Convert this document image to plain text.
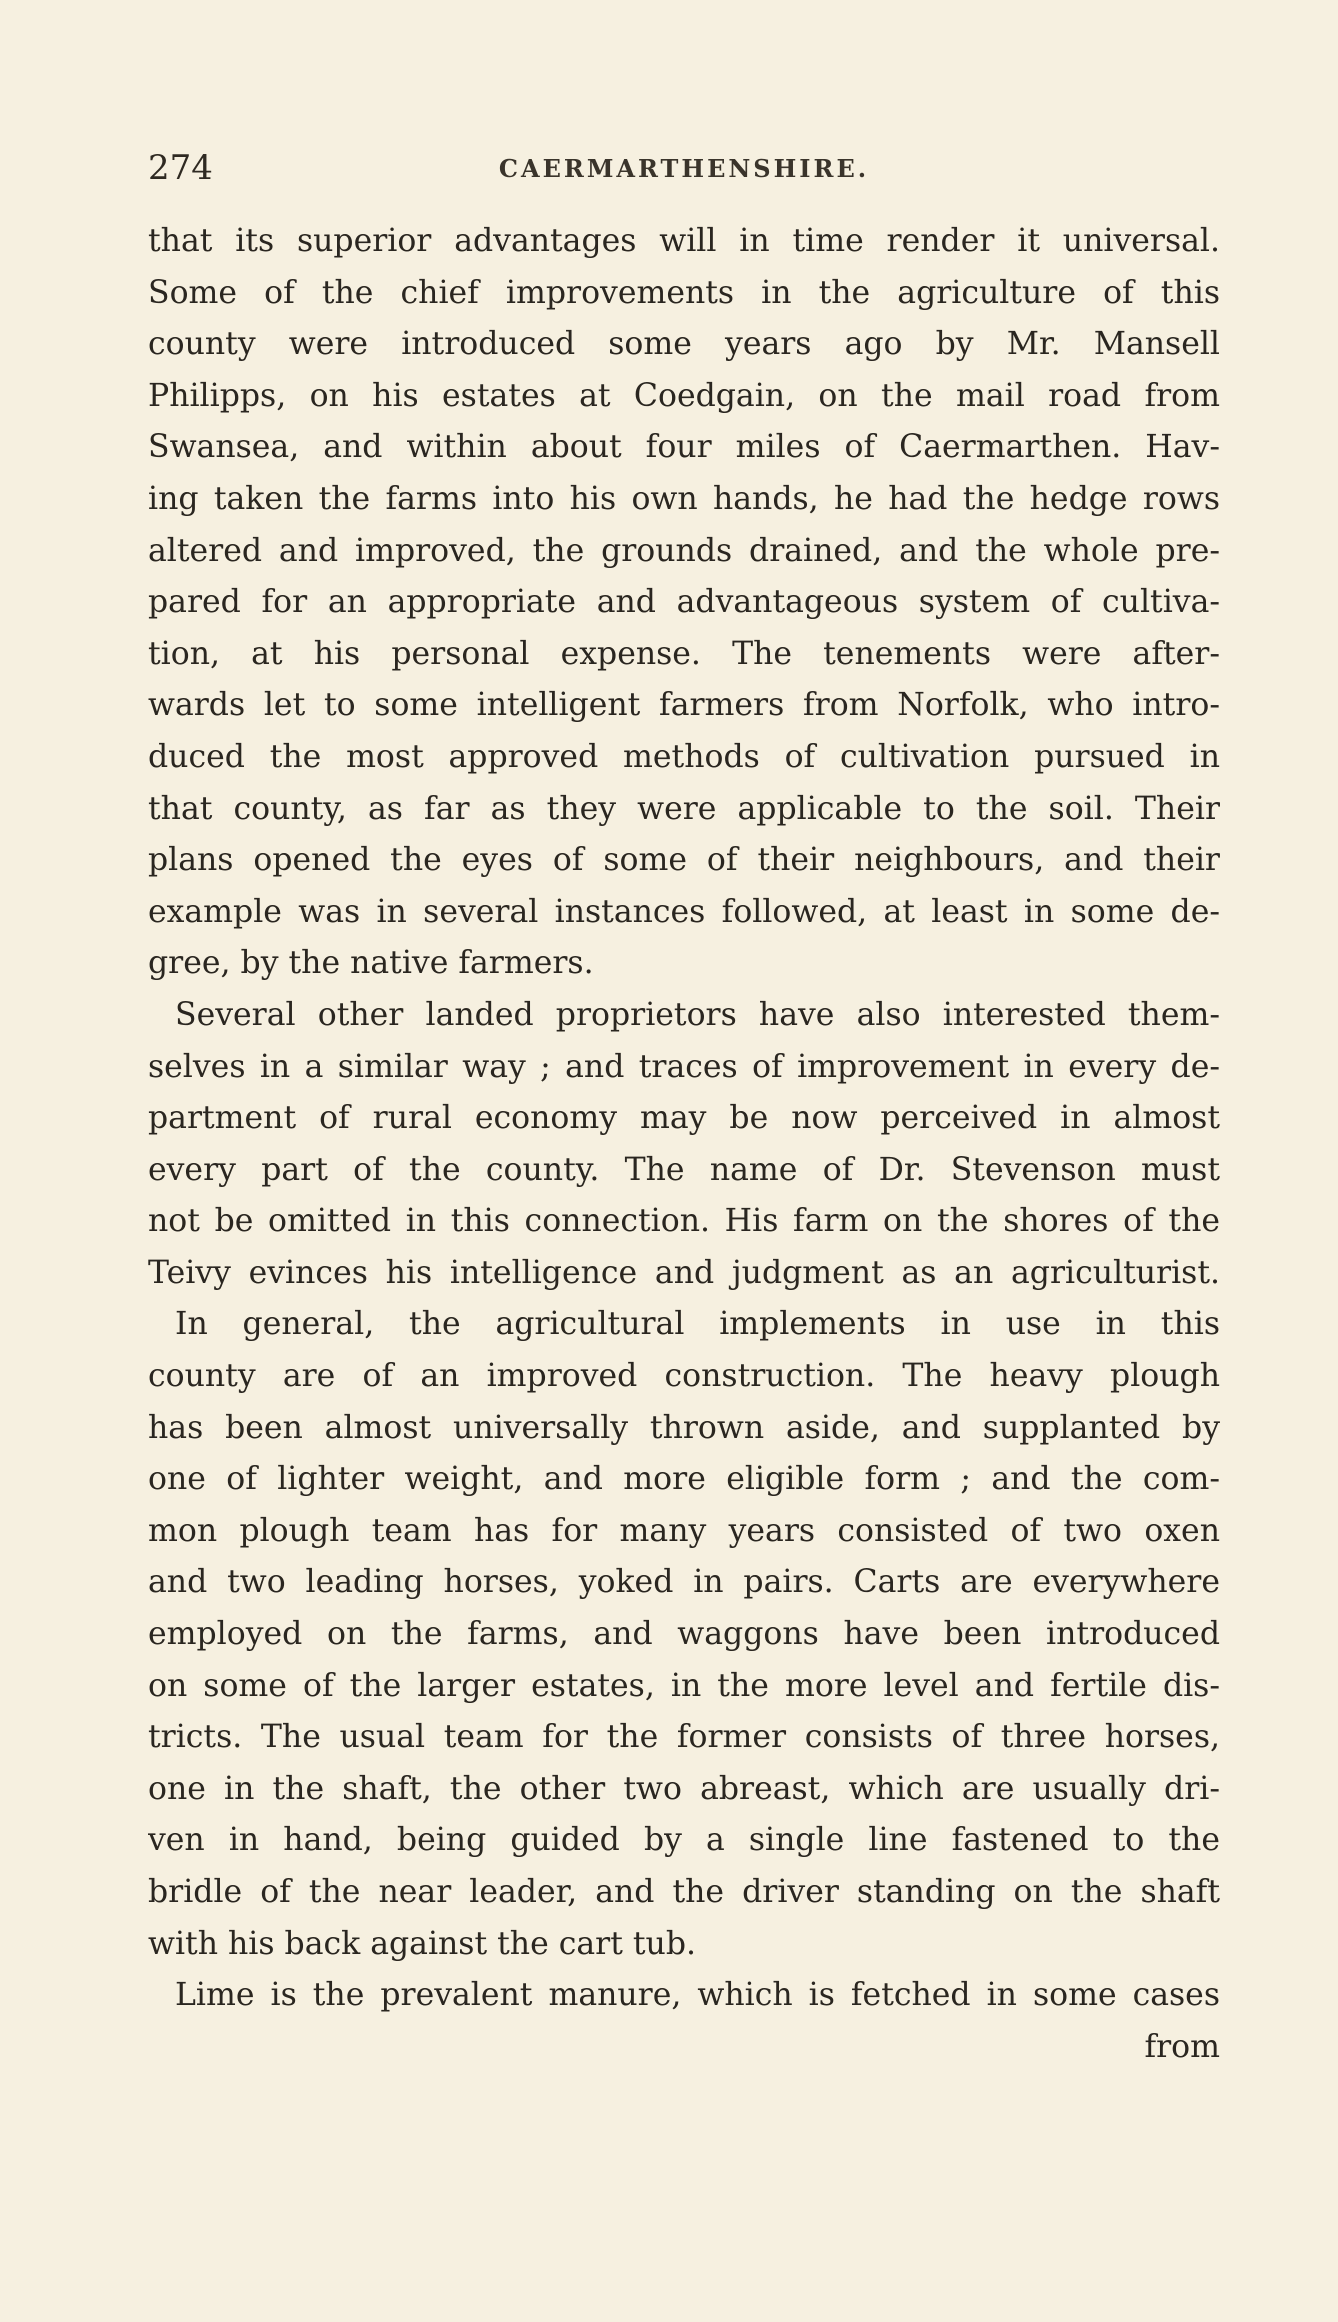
274	CAERMARTHENSHIRE.
that its superior advantages will in time render it universal.
Some of the chief improvements in the agriculture of this
county were introduced some years ago by Mr. Mansell
Philipps, on his estates at Coedgain, on the mail road from
Swansea, and within about four miles of Caermarthen. Hav-
ing taken the farms into his own hands, he had the hedge rows
altered and improved, the grounds drained, and the whole pre-
pared for an appropriate and advantageous system of cultiva-
tion, at his personal expense. The tenements were after-
wards let to some intelligent farmers from Norfolk, who intro-
duced the most approved methods of cultivation pursued in
that county, as far as they were applicable to the soil. Their
plans opened the eyes of some of their neighbours, and their
example was in several instances followed, at least in some de-
gree, by the native farmers.
Several other landed proprietors have also interested them-
selves in a similar way ; and traces of improvement in every de-
partment of rural economy may be now perceived in almost
every part of the county. The name of Dr. Stevenson must
not be omitted in this connection. His farm on the shores of the
Teivy evinces his intelligence and judgment as an agriculturist.
In general, the agricultural implements in use in this
county are of an improved construction. The heavy plough
has been almost universally thrown aside, and supplanted by
one of lighter weight, and more eligible form ; and the com-
mon plough team has for many years consisted of two oxen
and two leading horses, yoked in pairs. Carts are everywhere
employed on the farms, and waggons have been introduced
on some of the larger estates, in the more level and fertile dis-
tricts. The usual team for the former consists of three horses,
one in the shaft, the other two abreast, which are usually dri-
ven in hand, being guided by a single line fastened to the
bridle of the near leader, and the driver standing on the shaft
with his back against the cart tub.
Lime is the prevalent manure, which is fetched in some cases
from
